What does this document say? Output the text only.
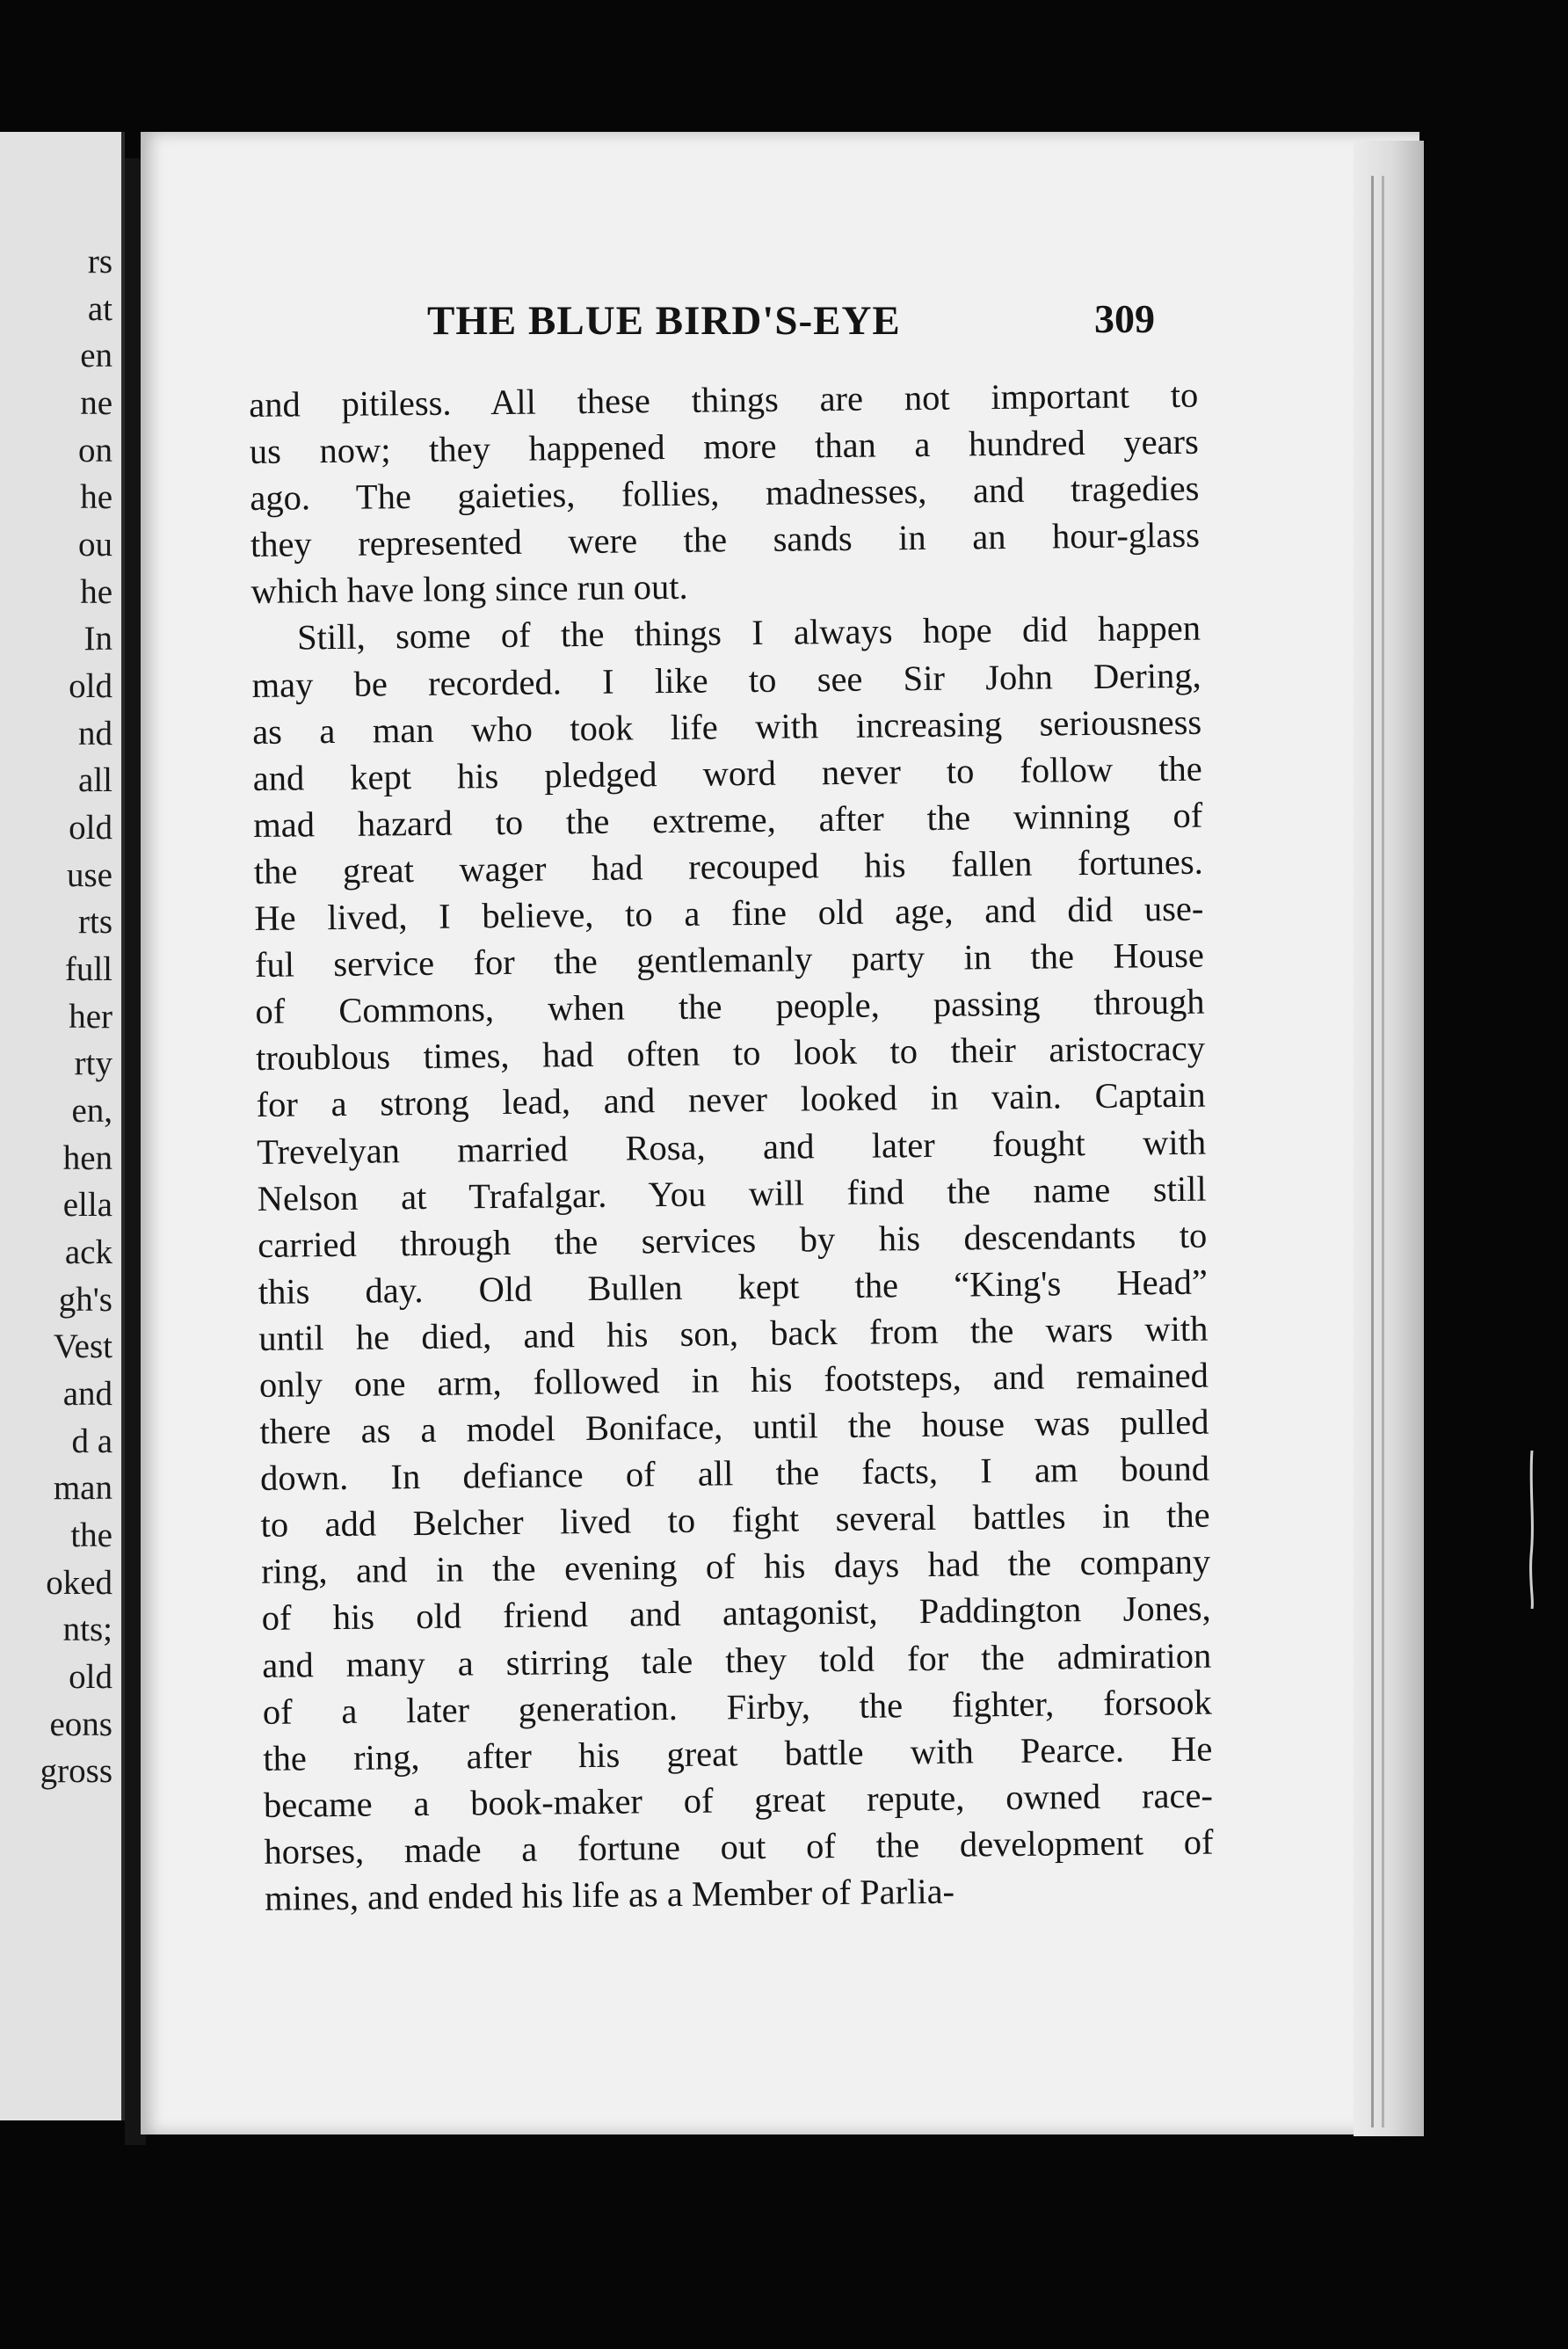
rs
at
en
ne
on
he
ou
he
In
old
nd
all
old
use
rts
full
her
rty
en,
hen
ella
ack
gh's
Vest
and
d a
man
the
oked
nts;
old
eons
gross
THE BLUE BIRD'S-EYE	309
and pitiless. All these things are not important to
us now; they happened more than a hundred years
ago. The gaieties, follies, madnesses, and tragedies
they represented were the sands in an hour-glass
which have long since run out.
Still, some of the things I always hope did happen
may be recorded. I like to see Sir John Dering,
as a man who took life with increasing seriousness
and kept his pledged word never to follow the
mad hazard to the extreme, after the winning of
the great wager had recouped his fallen fortunes.
He lived, I believe, to a fine old age, and did use-
ful service for the gentlemanly party in the House
of Commons, when the people, passing through
troublous times, had often to look to their aristocracy
for a strong lead, and never looked in vain. Captain
Trevelyan married Rosa, and later fought with
Nelson at Trafalgar. You will find the name still
carried through the services by his descendants to
this day. Old Bullen kept the “King's Head”
until he died, and his son, back from the wars with
only one arm, followed in his footsteps, and remained
there as a model Boniface, until the house was pulled
down. In defiance of all the facts, I am bound
to add Belcher lived to fight several battles in the
ring, and in the evening of his days had the company
of his old friend and antagonist, Paddington Jones,
and many a stirring tale they told for the admiration
of a later generation. Firby, the fighter, forsook
the ring, after his great battle with Pearce. He
became a book-maker of great repute, owned race-
horses, made a fortune out of the development of
mines, and ended his life as a Member of Parlia-
